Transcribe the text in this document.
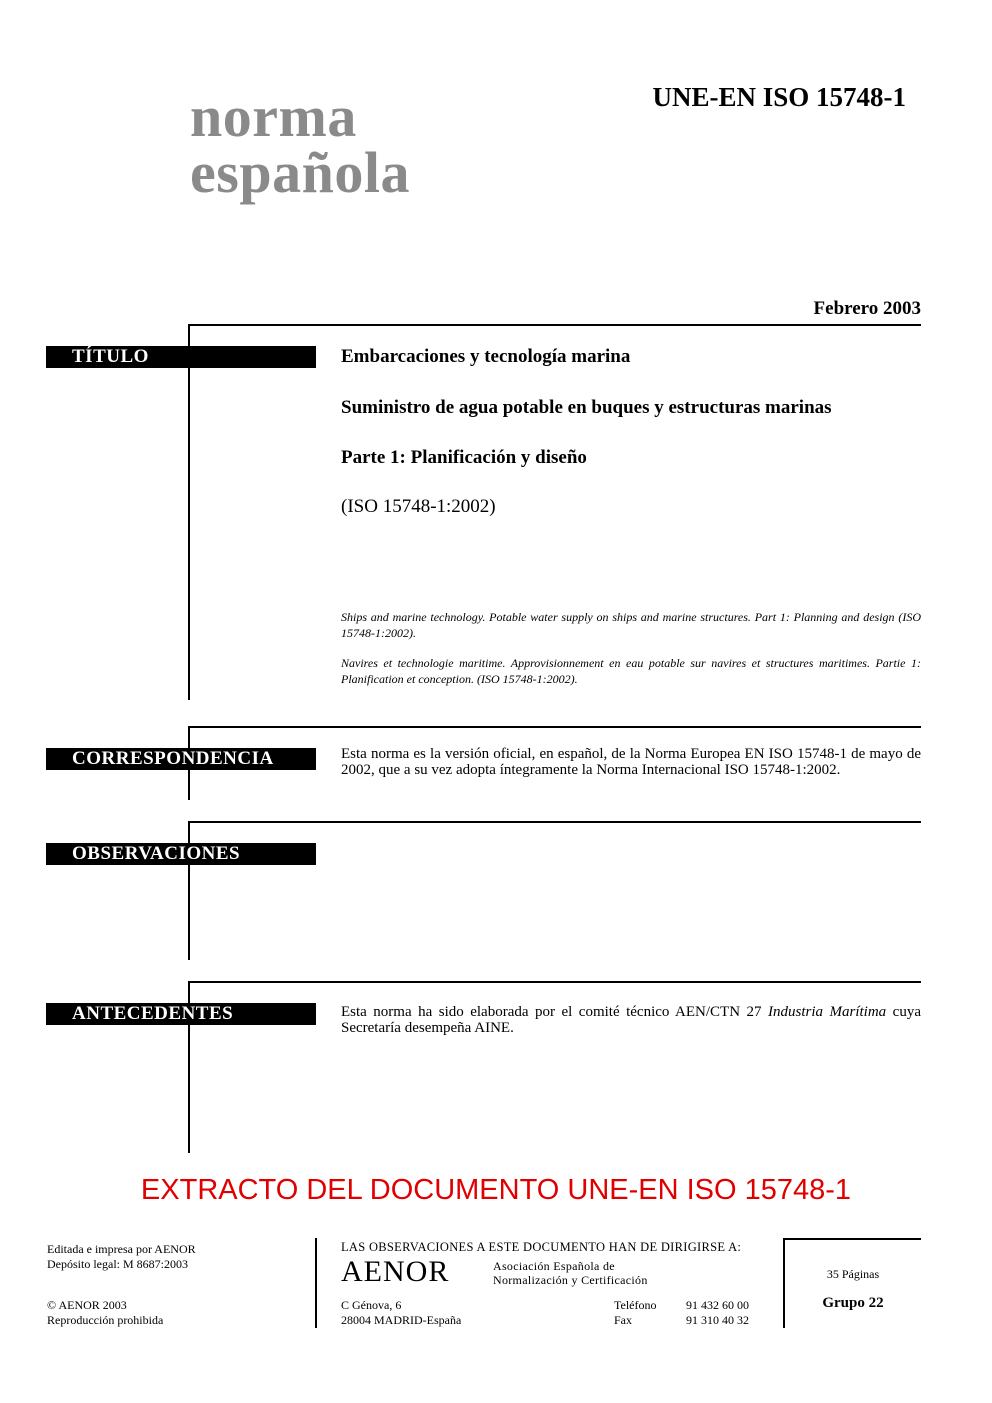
norma
española
UNE-EN ISO 15748-1
Febrero 2003
TÍTULO	Embarcaciones y tecnología marina
Suministro de agua potable en buques y estructuras marinas
Parte 1: Planificación y diseño
(ISO 15748-1:2002)
Ships and marine technology. Potable water supply on ships and marine structures. Part 1: Planning and design (ISO 15748-1:2002).
Navires et technologie maritime. Approvisionnement en eau potable sur navires et structures maritimes. Partie 1: Planification et conception. (ISO 15748-1:2002).
CORRESPONDENCIA	Esta norma es la versión oficial, en español, de la Norma Europea EN ISO 15748-1 de mayo de 2002, que a su vez adopta íntegramente la Norma Internacional ISO 15748-1:2002.
OBSERVACIONES
ANTECEDENTES	Esta norma ha sido elaborada por el comité técnico AEN/CTN 27 Industria Marítima cuya Secretaría desempeña AINE.
EXTRACTO DEL DOCUMENTO UNE-EN ISO 15748-1
Editada e impresa por AENOR
Depósito legal: M 8687:2003
© AENOR 2003
Reproducción prohibida
LAS OBSERVACIONES A ESTE DOCUMENTO HAN DE DIRIGIRSE A:
AENOR	Asociación Española de
Normalización y Certificación
C Génova, 6
28004 MADRID-España
Teléfono 91 432 60 00
Fax	91 310 40 32
35 Páginas
Grupo 22
